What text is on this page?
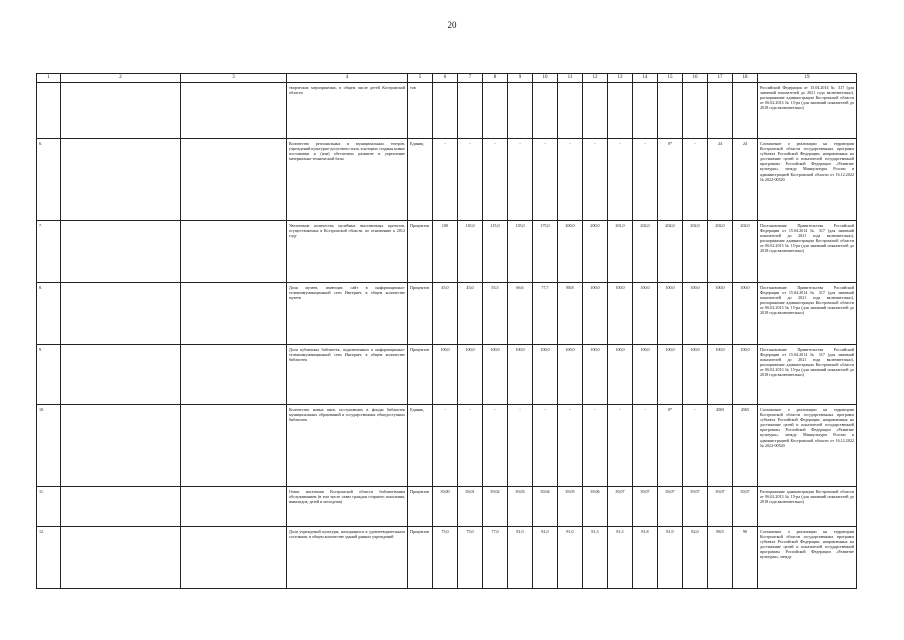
20
1	2	3	4	5	6	7	8	9	10	11	12	13	14	15	16	17	18	19
			творческих мероприятиях, в общем числе детей Костромской области	тов														Российской Федерации от 15.04.2014 № 317 (для значений показателей до 2021 года включительно), распоряжение администрации Костромской области от 06.02.2013 № 15-ра (для значений показателей до 2018 года включительно)
6.			Количество региональных и муниципальных театров, учреждений культурно-досугового типа, в которых созданы новые постановки и (или) обеспечено развитие и укрепление материально-технической базы	Единиц	-	-	-	-	-	-	-	-	-	0*	-	24	24	Соглашение о реализации на территории Костромской области государственных программ субъекта Российской Федерации, направленных на достижение целей и показателей государственной программы Российской Федерации «Развитие культуры», между Минкультуры России и администрацией Костромской области от 16.12.2022 № 2022-00520
7.			Увеличение количества музейных выставочных проектов, осуществляемых в Костромской области, по отношению к 2012 году	Процентов	100	110,0	115,0	135,0	175,0	200,0	200,0	201,0	202,0	202,0	202,0	202,0	202,0	Постановление Правительства Российской Федерации от 15.04.2014 № 317 (для значений показателей до 2021 года включительно), распоряжение администрации Костромской области от 06.02.2013 № 15-ра (для значений показателей до 2018 года включительно)
8.			Доля музеев, имеющих сайт в информационно-телекоммуникационной сети Интернет, в общем количестве музеев	Процентов	45,0	45,0	55,5	66,6	77,7	88,8	100,0	100,0	100,0	100,0	100,0	100,0	100,0	Постановление Правительства Российской Федерации от 15.04.2014 № 317 (для значений показателей до 2021 года включительно), распоряжение администрации Костромской области от 06.02.2013 № 15-ра (для значений показателей до 2018 года включительно)
9.			Доля публичных библиотек, подключенных к информационно-телекоммуникационной сети Интернет, в общем количестве библиотек	Процентов	100,0	100,0	100,0	100,0	100,0	100,0	100,0	100,0	100,0	100,0	100,0	100,0	100,0	Постановление Правительства Российской Федерации от 15.04.2014 № 317 (для значений показателей до 2021 года включительно), распоряжение администрации Костромской области от 06.02.2013 № 15-ра (для значений показателей до 2018 года включительно)
10.			Количество новых книг, поступивших в фонды библиотек муниципальных образований и государственных общедоступных библиотек	Единиц	-	-	-	-	-	-	-	-	-	0*	-	4565	4565	Соглашение о реализации на территории Костромской области государственных программ субъекта Российской Федерации, направленных на достижение целей и показателей государственной программы Российской Федерации «Развитие культуры», между Минкультуры России и администрацией Костромской области от 16.12.2022 № 2022-00520
11.			Охват населения Костромской области библиотечным обслуживанием (в том числе охват граждан старшего поколения, инвалидов, детей и молодежи)	Процентов	39,00	39,01	39,02	39,03	39,04	39,05	39,06	39,07	39,07	39,07	39,07	39,07	39,07	Распоряжение администрации Костромской области от 06.02.2013 № 15-ра (для значений показателей до 2018 года включительно)
12.			Доля учреждений культуры, находящихся в удовлетворительном состоянии, в общем количестве зданий данных учреждений	Процентов	75,0	75,0	77,0	81,0	81,0	81,0	81,3	81,3	81,8	81,9	82,0	88,9	90	Соглашение о реализации на территории Костромской области государственных программ субъекта Российской Федерации, направленных на достижение целей и показателей государственной программы Российской Федерации «Развитие культуры», между
